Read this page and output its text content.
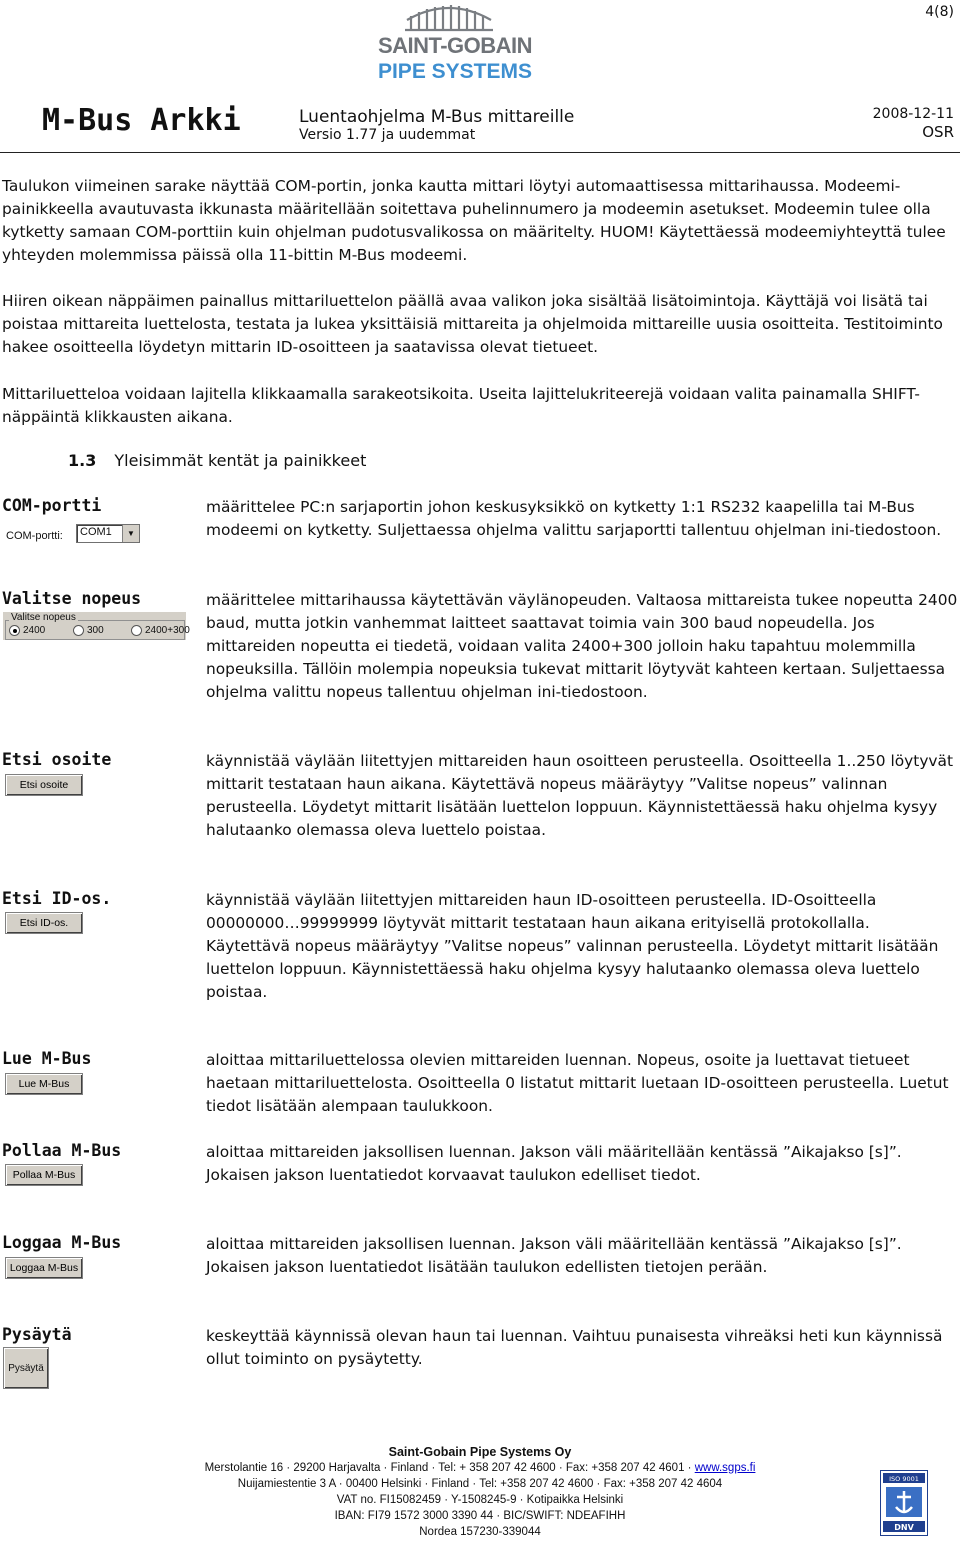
4(8)
SAINT-GOBAIN
PIPE SYSTEMS
M-Bus Arkki	Luentaohjelma M-Bus mittareille
Versio 1.77 ja uudemmat
2008-12-11
OSR
Taulukon viimeinen sarake näyttää COM-portin, jonka kautta mittari löytyi automaattisessa mittarihaussa. Modeemi-painikkeella avautuvasta ikkunasta määritellään soitettava puhelinnumero ja modeemin asetukset. Modeemin tulee olla kytketty samaan COM-porttiin kuin ohjelman pudotusvalikossa on määritelty. HUOM! Käytettäessä modeemiyhteyttä tulee yhteyden molemmissa päissä olla 11-bittin M-Bus modeemi.
Hiiren oikean näppäimen painallus mittariluettelon päällä avaa valikon joka sisältää lisätoimintoja. Käyttäjä voi lisätä tai poistaa mittareita luettelosta, testata ja lukea yksittäisiä mittareita ja ohjelmoida mittareille uusia osoitteita. Testitoiminto hakee osoitteella löydetyn mittarin ID-osoitteen ja saatavissa olevat tietueet.
Mittariluetteloa voidaan lajitella klikkaamalla sarakeotsikoita. Useita lajittelukriteerejä voidaan valita painamalla SHIFT-näppäintä klikkausten aikana.
1.3 Yleisimmät kentät ja painikkeet
COM-portti
COM-portti: COM1	▼
määrittelee PC:n sarjaportin johon keskusyksikkö on kytketty 1:1 RS232 kaapelilla tai M-Bus modeemi on kytketty. Suljettaessa ohjelma valittu sarjaportti tallentuu ohjelman ini-tiedostoon.
Valitse nopeus
Valitse nopeus
2400	300	2400+300
määrittelee mittarihaussa käytettävän väylänopeuden. Valtaosa mittareista tukee nopeutta 2400 baud, mutta jotkin vanhemmat laitteet saattavat toimia vain 300 baud nopeudella. Jos mittareiden nopeutta ei tiedetä, voidaan valita 2400+300 jolloin haku tapahtuu molemmilla nopeuksilla. Tällöin molempia nopeuksia tukevat mittarit löytyvät kahteen kertaan. Suljettaessa ohjelma valittu nopeus tallentuu ohjelman ini-tiedostoon.
Etsi osoite
Etsi osoite
käynnistää väylään liitettyjen mittareiden haun osoitteen perusteella. Osoitteella 1..250 löytyvät mittarit testataan haun aikana. Käytettävä nopeus määräytyy ”Valitse nopeus” valinnan perusteella. Löydetyt mittarit lisätään luettelon loppuun. Käynnistettäessä haku ohjelma kysyy halutaanko olemassa oleva luettelo poistaa.
Etsi ID-os.
Etsi ID-os.
käynnistää väylään liitettyjen mittareiden haun ID-osoitteen perusteella. ID-Osoitteella 00000000…99999999 löytyvät mittarit testataan haun aikana erityisellä protokollalla. Käytettävä nopeus määräytyy ”Valitse nopeus” valinnan perusteella. Löydetyt mittarit lisätään luettelon loppuun. Käynnistettäessä haku ohjelma kysyy halutaanko olemassa oleva luettelo poistaa.
Lue M-Bus
Lue M-Bus
aloittaa mittariluettelossa olevien mittareiden luennan. Nopeus, osoite ja luettavat tietueet haetaan mittariluettelosta. Osoitteella 0 listatut mittarit luetaan ID-osoitteen perusteella. Luetut tiedot lisätään alempaan taulukkoon.
Pollaa M-Bus
Pollaa M-Bus
aloittaa mittareiden jaksollisen luennan. Jakson väli määritellään kentässä ”Aikajakso [s]”. Jokaisen jakson luentatiedot korvaavat taulukon edelliset tiedot.
Loggaa M-Bus
Loggaa M-Bus
aloittaa mittareiden jaksollisen luennan. Jakson väli määritellään kentässä ”Aikajakso [s]”. Jokaisen jakson luentatiedot lisätään taulukon edellisten tietojen perään.
Pysäytä
Pysäytä
keskeyttää käynnissä olevan haun tai luennan. Vaihtuu punaisesta vihreäksi heti kun käynnissä ollut toiminto on pysäytetty.
Saint-Gobain Pipe Systems Oy
Merstolantie 16 · 29200 Harjavalta · Finland · Tel: + 358 207 42 4600 · Fax: +358 207 42 4601 · www.sgps.fi
Nuijamiestentie 3 A · 00400 Helsinki · Finland · Tel: +358 207 42 4600 · Fax: +358 207 42 4604
VAT no. FI15082459 · Y-1508245-9 · Kotipaikka Helsinki
IBAN: FI79 1572 3000 3390 44 · BIC/SWIFT: NDEAFIHH
Nordea 157230-339044
ISO 9001
DNV
